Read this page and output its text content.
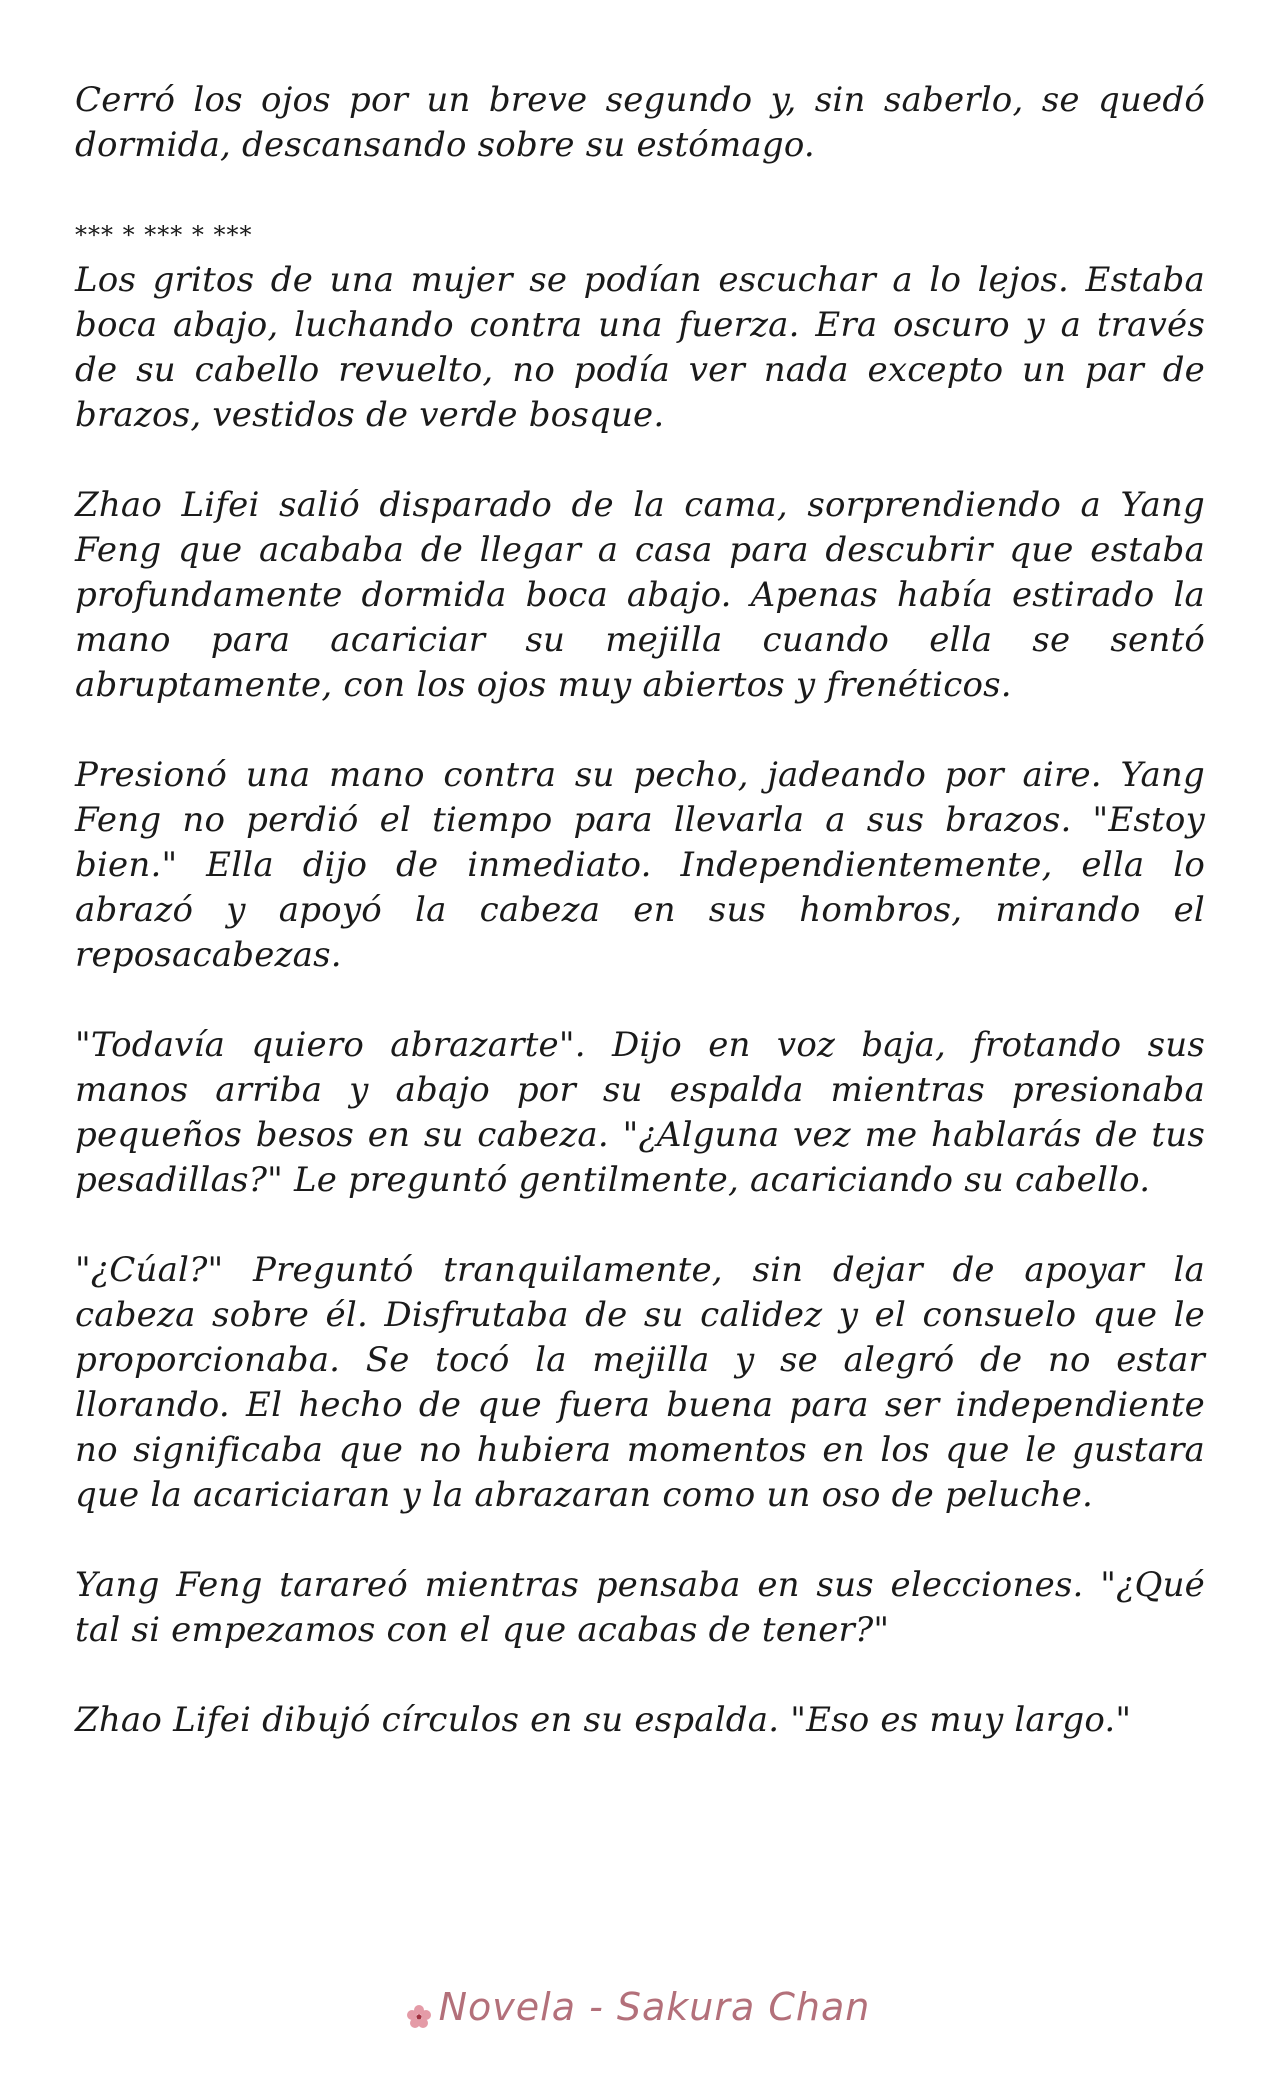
Cerró los ojos por un breve segundo y, sin saberlo, se quedó dormida, descansando sobre su estómago.

*** * *** * ***

Los gritos de una mujer se podían escuchar a lo lejos. Estaba boca abajo, luchando contra una fuerza. Era oscuro y a través de su cabello revuelto, no podía ver nada excepto un par de brazos, vestidos de verde bosque.

Zhao Lifei salió disparado de la cama, sorprendiendo a Yang Feng que acababa de llegar a casa para descubrir que estaba profundamente dormida boca abajo. Apenas había estirado la mano para acariciar su mejilla cuando ella se sentó abruptamente, con los ojos muy abiertos y frenéticos.

Presionó una mano contra su pecho, jadeando por aire. Yang Feng no perdió el tiempo para llevarla a sus brazos. "Estoy bien." Ella dijo de inmediato. Independientemente, ella lo abrazó y apoyó la cabeza en sus hombros, mirando el reposacabezas.

"Todavía quiero abrazarte". Dijo en voz baja, frotando sus manos arriba y abajo por su espalda mientras presionaba pequeños besos en su cabeza. "¿Alguna vez me hablarás de tus pesadillas?" Le preguntó gentilmente, acariciando su cabello.

"¿Cúal?" Preguntó tranquilamente, sin dejar de apoyar la cabeza sobre él. Disfrutaba de su calidez y el consuelo que le proporcionaba. Se tocó la mejilla y se alegró de no estar llorando. El hecho de que fuera buena para ser independiente no significaba que no hubiera momentos en los que le gustara que la acariciaran y la abrazaran como un oso de peluche.

Yang Feng tarareó mientras pensaba en sus elecciones. "¿Qué tal si empezamos con el que acabas de tener?"

Zhao Lifei dibujó círculos en su espalda. "Eso es muy largo."

Novela - Sakura Chan
